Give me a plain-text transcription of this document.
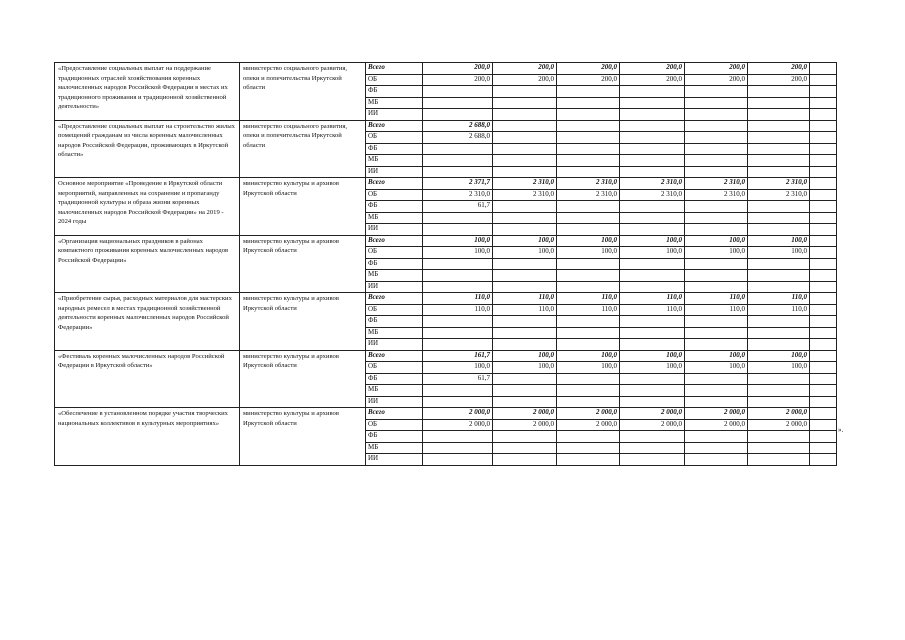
«Предоставление социальных выплат на поддержание традиционных отраслей хозяйствования коренных малочисленных народов Российской Федерации в местах их традиционного проживания и традиционной хозяйственной деятельности»	министерство социального развития, опеки и попечительства Иркутской области	Всего	200,0	200,0	200,0	200,0	200,0	200,0	
		ОБ	200,0	200,0	200,0	200,0	200,0	200,0	
		ФБ							
		МБ							
		ИИ							
«Предоставление социальных выплат на строительство жилых помещений гражданам из числа коренных малочисленных народов Российской Федерации, проживающих в Иркутской области»	министерство социального развития, опеки и попечительства Иркутской области	Всего	2 688,0						
		ОБ	2 688,0						
		ФБ							
		МБ							
		ИИ							
Основное мероприятие «Проведение в Иркутской области мероприятий, направленных на сохранение и пропаганду традиционной культуры и образа жизни коренных малочисленных народов Российской Федерации» на 2019 - 2024 годы	министерство культуры и архивов Иркутской области	Всего	2 371,7	2 310,0	2 310,0	2 310,0	2 310,0	2 310,0	
		ОБ	2 310,0	2 310,0	2 310,0	2 310,0	2 310,0	2 310,0	
		ФБ	61,7						
		МБ							
		ИИ							
«Организация национальных праздников в районах компактного проживания коренных малочисленных народов Российской Федерации»	министерство культуры и архивов Иркутской области	Всего	100,0	100,0	100,0	100,0	100,0	100,0	
		ОБ	100,0	100,0	100,0	100,0	100,0	100,0	
		ФБ							
		МБ							
		ИИ							
«Приобретение сырья, расходных материалов для мастерских народных ремесел в местах традиционной хозяйственной деятельности коренных малочисленных народов Российской Федерации»	министерство культуры и архивов Иркутской области	Всего	110,0	110,0	110,0	110,0	110,0	110,0	
		ОБ	110,0	110,0	110,0	110,0	110,0	110,0	
		ФБ							
		МБ							
		ИИ							
«Фестиваль коренных малочисленных народов Российской Федерации в Иркутской области»	министерство культуры и архивов Иркутской области	Всего	161,7	100,0	100,0	100,0	100,0	100,0	
		ОБ	100,0	100,0	100,0	100,0	100,0	100,0	
		ФБ	61,7						
		МБ							
		ИИ							
«Обеспечение в установленном порядке участия творческих национальных коллективов в культурных мероприятиях»	министерство культуры и архивов Иркутской области	Всего	2 000,0	2 000,0	2 000,0	2 000,0	2 000,0	2 000,0	
		ОБ	2 000,0	2 000,0	2 000,0	2 000,0	2 000,0	2 000,0	
		ФБ							
		МБ							
		ИИ							
».
